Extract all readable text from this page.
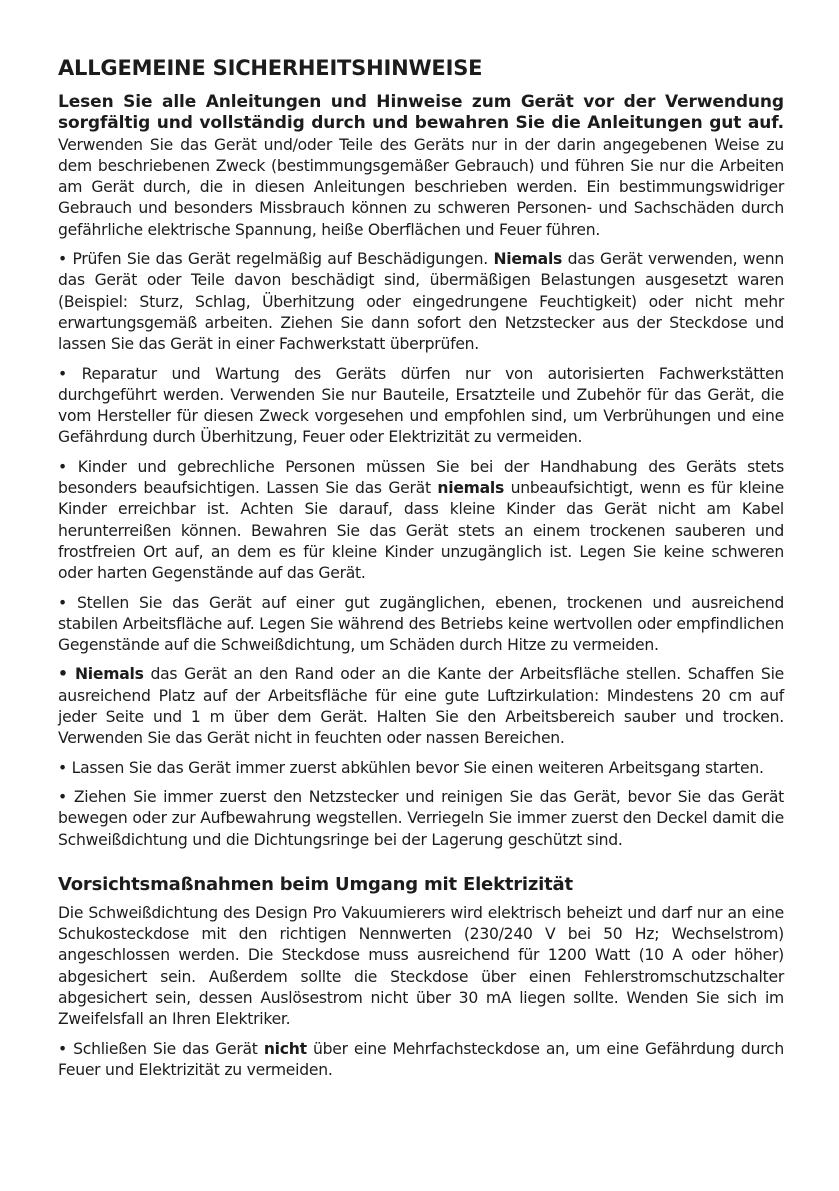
ALLGEMEINE SICHERHEITSHINWEISE

Lesen Sie alle Anleitungen und Hinweise zum Gerät vor der Verwendung sorgfältig und vollständig durch und bewahren Sie die Anleitungen gut auf. Verwenden Sie das Gerät und/oder Teile des Geräts nur in der darin angegebenen Weise zu dem beschriebenen Zweck (bestimmungsgemäßer Gebrauch) und führen Sie nur die Arbeiten am Gerät durch, die in diesen Anleitungen beschrieben werden. Ein bestimmungswidriger Gebrauch und besonders Missbrauch können zu schweren Personen- und Sachschäden durch gefährliche elektrische Spannung, heiße Oberflächen und Feuer führen.

• Prüfen Sie das Gerät regelmäßig auf Beschädigungen. Niemals das Gerät verwenden, wenn das Gerät oder Teile davon beschädigt sind, übermäßigen Belastungen ausgesetzt waren (Beispiel: Sturz, Schlag, Überhitzung oder eingedrungene Feuchtigkeit) oder nicht mehr erwartungsgemäß arbeiten. Ziehen Sie dann sofort den Netzstecker aus der Steckdose und lassen Sie das Gerät in einer Fachwerkstatt überprüfen.

• Reparatur und Wartung des Geräts dürfen nur von autorisierten Fachwerkstätten durchgeführt werden. Verwenden Sie nur Bauteile, Ersatzteile und Zubehör für das Gerät, die vom Hersteller für diesen Zweck vorgesehen und empfohlen sind, um Verbrühungen und eine Gefährdung durch Überhitzung, Feuer oder Elektrizität zu vermeiden.

• Kinder und gebrechliche Personen müssen Sie bei der Handhabung des Geräts stets besonders beaufsichtigen. Lassen Sie das Gerät niemals unbeaufsichtigt, wenn es für kleine Kinder erreichbar ist. Achten Sie darauf, dass kleine Kinder das Gerät nicht am Kabel herunterreißen können. Bewahren Sie das Gerät stets an einem trockenen sauberen und frostfreien Ort auf, an dem es für kleine Kinder unzugänglich ist. Legen Sie keine schweren oder harten Gegenstände auf das Gerät.

• Stellen Sie das Gerät auf einer gut zugänglichen, ebenen, trockenen und ausreichend stabilen Arbeitsfläche auf. Legen Sie während des Betriebs keine wertvollen oder empfindlichen Gegenstände auf die Schweißdichtung, um Schäden durch Hitze zu vermeiden.

• Niemals das Gerät an den Rand oder an die Kante der Arbeitsfläche stellen. Schaffen Sie ausreichend Platz auf der Arbeitsfläche für eine gute Luftzirkulation: Mindestens 20 cm auf jeder Seite und 1 m über dem Gerät. Halten Sie den Arbeitsbereich sauber und trocken. Verwenden Sie das Gerät nicht in feuchten oder nassen Bereichen.

• Lassen Sie das Gerät immer zuerst abkühlen bevor Sie einen weiteren Arbeitsgang starten.

• Ziehen Sie immer zuerst den Netzstecker und reinigen Sie das Gerät, bevor Sie das Gerät bewegen oder zur Aufbewahrung wegstellen. Verriegeln Sie immer zuerst den Deckel damit die Schweißdichtung und die Dichtungsringe bei der Lagerung geschützt sind.

Vorsichtsmaßnahmen beim Umgang mit Elektrizität

Die Schweißdichtung des Design Pro Vakuumierers wird elektrisch beheizt und darf nur an eine Schukosteckdose mit den richtigen Nennwerten (230/240 V bei 50 Hz; Wechselstrom) angeschlossen werden. Die Steckdose muss ausreichend für 1200 Watt (10 A oder höher) abgesichert sein. Außerdem sollte die Steckdose über einen Fehlerstromschutzschalter abgesichert sein, dessen Auslösestrom nicht über 30 mA liegen sollte. Wenden Sie sich im Zweifelsfall an Ihren Elektriker.

• Schließen Sie das Gerät nicht über eine Mehrfachsteckdose an, um eine Gefährdung durch Feuer und Elektrizität zu vermeiden.
